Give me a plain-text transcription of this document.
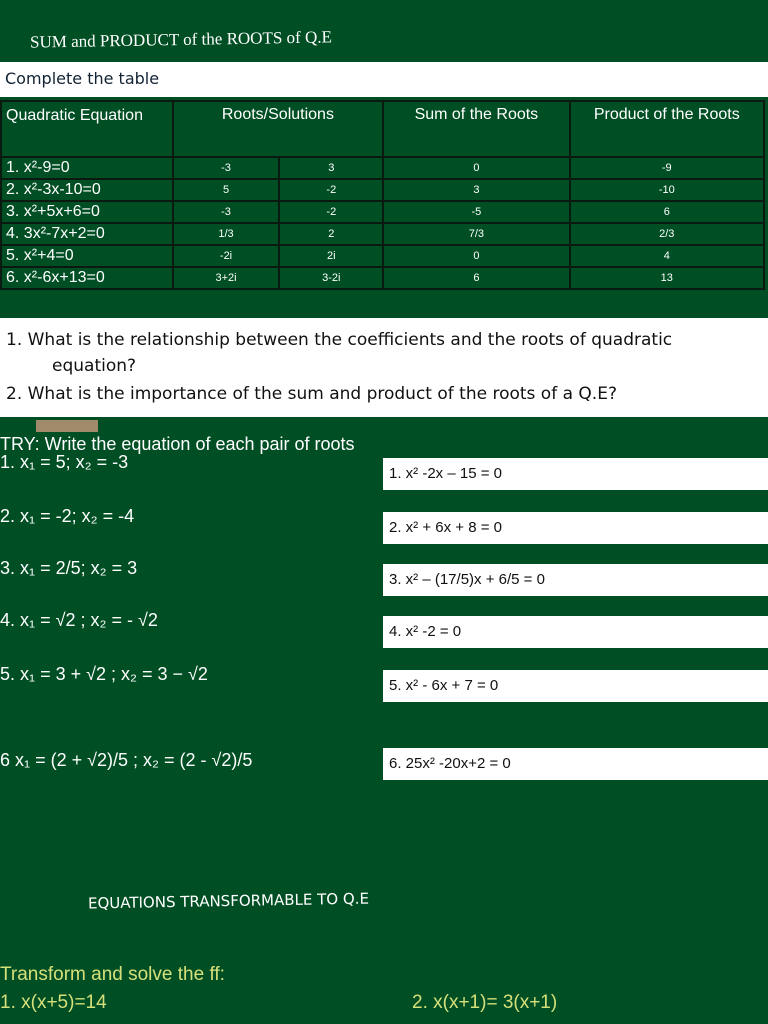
SUM and PRODUCT of the ROOTS of Q.E
Complete the table
Quadratic Equation	Roots/Solutions		Sum of the Roots	Product of the Roots
1. x²-9=0	-3	3	0	-9
2. x²-3x-10=0	5	-2	3	-10
3. x²+5x+6=0	-3	-2	-5	6
4. 3x²-7x+2=0	1/3	2	7/3	2/3
5. x²+4=0	-2i	2i	0	4
6. x²-6x+13=0	3+2i	3-2i	6	13
1. What is the relationship between the coefficients and the roots of quadratic
equation?
2. What is the importance of the sum and product of the roots of a Q.E?
TRY: Write the equation of each pair of roots
1. x₁ = 5; x₂ = -3
1. x² -2x – 15 = 0
2. x₁ = -2; x₂ = -4
2. x² + 6x + 8 = 0
3. x₁ = 2/5; x₂ = 3
3. x² – (17/5)x + 6/5 = 0
4. x₁ = √2 ; x₂ = - √2
4. x² -2 = 0
5. x₁ = 3 + √2 ; x₂ = 3 − √2
5. x² - 6x + 7 = 0
6 x₁ = (2 + √2)/5 ; x₂ = (2 - √2)/5	6. 25x² -20x+2 = 0
EQUATIONS TRANSFORMABLE TO Q.E
Transform and solve the ff:
1. x(x+5)=14	2. x(x+1)= 3(x+1)
